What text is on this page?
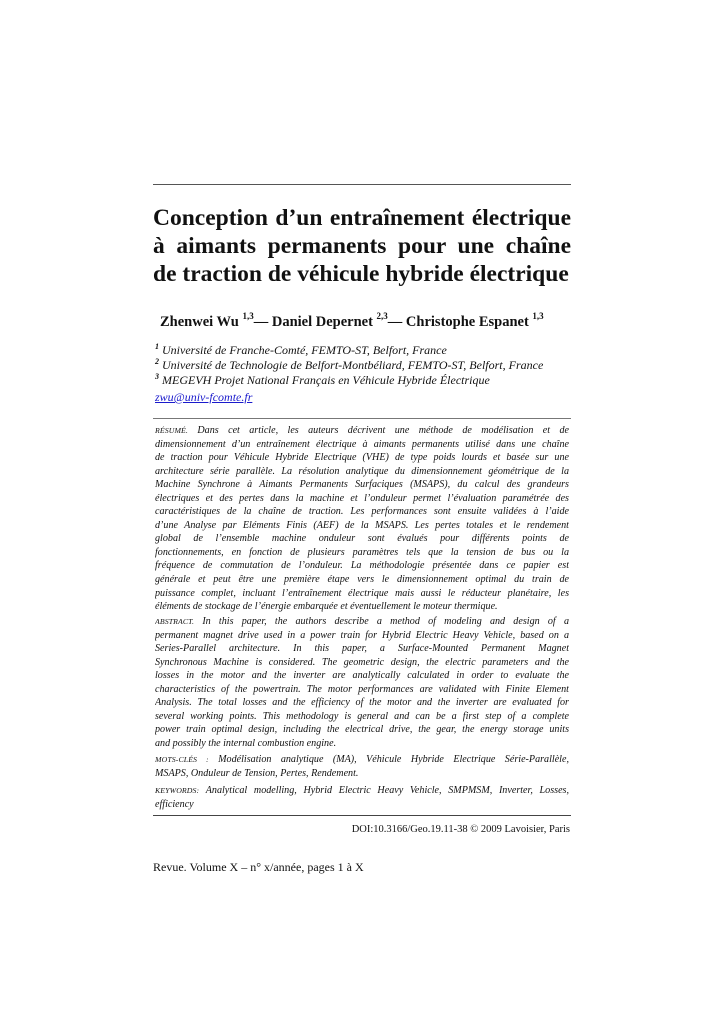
Conception d’un entraînement électrique à aimants permanents pour une chaîne de traction de véhicule hybride électrique
Zhenwei Wu $^{1,3}$— Daniel Depernet $^{2,3}$— Christophe Espanet $^{1,3}$
$^1$ Université de Franche-Comté, FEMTO-ST, Belfort, France
$^2$ Université de Technologie de Belfort-Montbéliard, FEMTO-ST, Belfort, France
$^3$ MEGEVH Projet National Français en Véhicule Hybride Électrique
zwu@univ-fcomte.fr
RÉSUMÉ. Dans cet article, les auteurs décrivent une méthode de modélisation et de
dimensionnement d’un entraînement électrique à aimants permanents utilisé dans une chaîne
de traction pour Véhicule Hybride Electrique (VHE) de type poids lourds et basée sur une
architecture série parallèle. La résolution analytique du dimensionnement géométrique de la
Machine Synchrone à Aimants Permanents Surfaciques (MSAPS), du calcul des grandeurs
électriques et des pertes dans la machine et l’onduleur permet l’évaluation paramétrée des
caractéristiques de la chaîne de traction. Les performances sont ensuite validées à l’aide
d’une Analyse par Eléments Finis (AEF) de la MSAPS. Les pertes totales et le rendement
global de l’ensemble machine onduleur sont évalués pour différents points de
fonctionnements, en fonction de plusieurs paramètres tels que la tension de bus ou la
fréquence de commutation de l’onduleur. La méthodologie présentée dans ce papier est
générale et peut être une première étape vers le dimensionnement optimal du train de
puissance complet, incluant l’entraînement électrique mais aussi le réducteur planétaire, les
éléments de stockage de l’énergie embarquée et éventuellement le moteur thermique.
ABSTRACT. In this paper, the authors describe a method of modeling and design of a
permanent magnet drive used in a power train for Hybrid Electric Heavy Vehicle, based on a
Series-Parallel architecture. In this paper, a Surface-Mounted Permanent Magnet
Synchronous Machine is considered. The geometric design, the electric parameters and the
losses in the motor and the inverter are analytically calculated in order to evaluate the
characteristics of the powertrain. The motor performances are validated with Finite Element
Analysis. The total losses and the efficiency of the motor and the inverter are evaluated for
several working points. This methodology is general and can be a first step of a complete
power train optimal design, including the electrical drive, the gear, the energy storage units
and possibly the internal combustion engine.
MOTS-CLÉS : Modélisation analytique (MA), Véhicule Hybride Electrique Série-Parallèle,
MSAPS, Onduleur de Tension, Pertes, Rendement.
KEYWORDS: Analytical modelling, Hybrid Electric Heavy Vehicle, SMPMSM, Inverter, Losses,
efficiency
DOI:10.3166/Geo.19.11-38 © 2009 Lavoisier, Paris
Revue. Volume X – n° x/année, pages 1 à X
